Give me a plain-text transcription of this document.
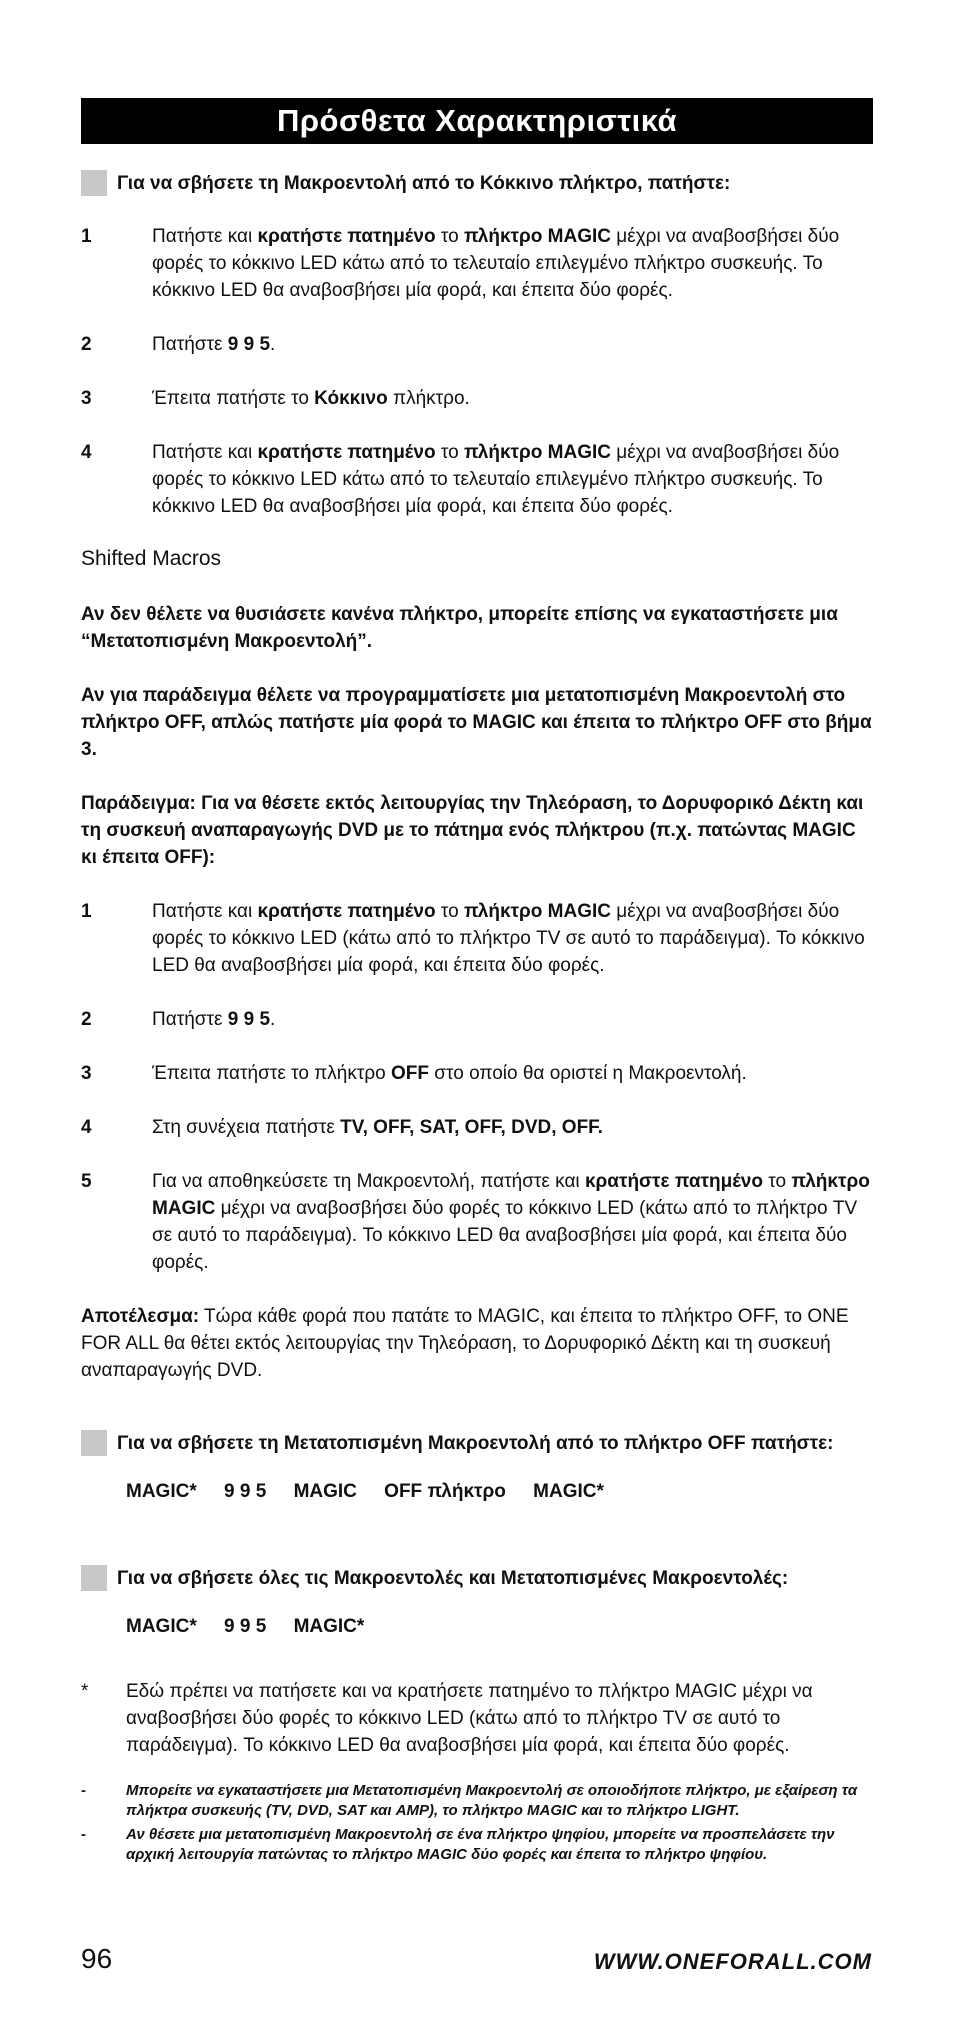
Πρόσθετα Χαρακτηριστικά
Για να σβήσετε τη Μακροεντολή από το Κόκκινο πλήκτρο, πατήστε:
1	Πατήστε και κρατήστε πατημένο το πλήκτρο MAGIC μέχρι να αναβοσβήσει δύο φορές το κόκκινο LED κάτω από το τελευταίο επιλεγμένο πλήκτρο συσκευής. Το κόκκινο LED θα αναβοσβήσει μία φορά, και έπειτα δύο φορές.
2	Πατήστε 9 9 5.
3	Έπειτα πατήστε το Κόκκινο πλήκτρο.
4	Πατήστε και κρατήστε πατημένο το πλήκτρο MAGIC μέχρι να αναβοσβήσει δύο φορές το κόκκινο LED κάτω από το τελευταίο επιλεγμένο πλήκτρο συσκευής. Το κόκκινο LED θα αναβοσβήσει μία φορά, και έπειτα δύο φορές.
Shifted Macros
Αν δεν θέλετε να θυσιάσετε κανένα πλήκτρο, μπορείτε επίσης να εγκαταστήσετε μια “Μετατοπισμένη Μακροεντολή”.
Αν για παράδειγμα θέλετε να προγραμματίσετε μια μετατοπισμένη Μακροεντολή στο πλήκτρο OFF, απλώς πατήστε μία φορά το MAGIC και έπειτα το πλήκτρο OFF στο βήμα 3.
Παράδειγμα: Για να θέσετε εκτός λειτουργίας την Τηλεόραση, το Δορυφορικό Δέκτη και τη συσκευή αναπαραγωγής DVD με το πάτημα ενός πλήκτρου (π.χ. πατώντας MAGIC κι έπειτα OFF):
1	Πατήστε και κρατήστε πατημένο το πλήκτρο MAGIC μέχρι να αναβοσβήσει δύο φορές το κόκκινο LED (κάτω από το πλήκτρο TV σε αυτό το παράδειγμα). Το κόκκινο LED θα αναβοσβήσει μία φορά, και έπειτα δύο φορές.
2	Πατήστε 9 9 5.
3	Έπειτα πατήστε το πλήκτρο OFF στο οποίο θα οριστεί η Μακροεντολή.
4	Στη συνέχεια πατήστε TV, OFF, SAT, OFF, DVD, OFF.
5	Για να αποθηκεύσετε τη Μακροεντολή, πατήστε και κρατήστε πατημένο το πλήκτρο MAGIC μέχρι να αναβοσβήσει δύο φορές το κόκκινο LED (κάτω από το πλήκτρο TV σε αυτό το παράδειγμα). Το κόκκινο LED θα αναβοσβήσει μία φορά, και έπειτα δύο φορές.
Αποτέλεσμα: Τώρα κάθε φορά που πατάτε το MAGIC, και έπειτα το πλήκτρο OFF, το ONE FOR ALL θα θέτει εκτός λειτουργίας την Τηλεόραση, το Δορυφορικό Δέκτη και τη συσκευή αναπαραγωγής DVD.
Για να σβήσετε τη Μετατοπισμένη Μακροεντολή από το πλήκτρο OFF πατήστε:
MAGIC* 9 9 5 MAGIC OFF πλήκτρο MAGIC*
Για να σβήσετε όλες τις Μακροεντολές και Μετατοπισμένες Μακροεντολές:
MAGIC* 9 9 5 MAGIC*
*	Εδώ πρέπει να πατήσετε και να κρατήσετε πατημένο το πλήκτρο MAGIC μέχρι να αναβοσβήσει δύο φορές το κόκκινο LED (κάτω από το πλήκτρο TV σε αυτό το παράδειγμα). Το κόκκινο LED θα αναβοσβήσει μία φορά, και έπειτα δύο φορές.
-	Μπορείτε να εγκαταστήσετε μια Μετατοπισμένη Μακροεντολή σε οποιοδήποτε πλήκτρο, με εξαίρεση τα πλήκτρα συσκευής (TV, DVD, SAT και AMP), το πλήκτρο MAGIC και το πλήκτρο LIGHT.
-	Αν θέσετε μια μετατοπισμένη Μακροεντολή σε ένα πλήκτρο ψηφίου, μπορείτε να προσπελάσετε την αρχική λειτουργία πατώντας το πλήκτρο MAGIC δύο φορές και έπειτα το πλήκτρο ψηφίου.
96	WWW.ONEFORALL.COM
